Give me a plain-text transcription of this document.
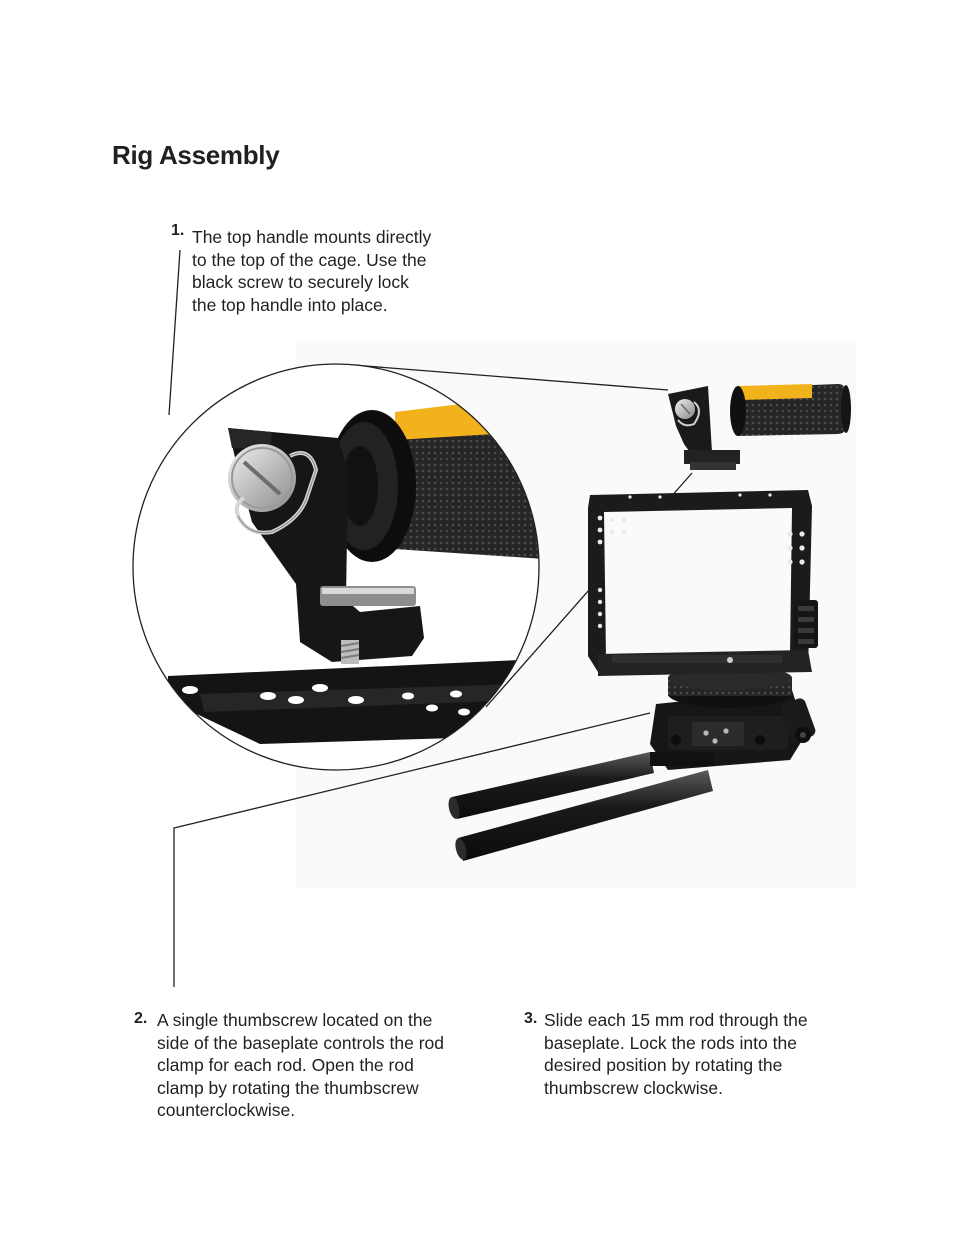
Rig Assembly
1. The top handle mounts directly
to the top of the cage. Use the
black screw to securely lock
the top handle into place.
2. A single thumbscrew located on the
side of the baseplate controls the rod
clamp for each rod. Open the rod
clamp by rotating the thumbscrew
counterclockwise.
3. Slide each 15 mm rod through the
baseplate. Lock the rods into the
desired position by rotating the
thumbscrew clockwise.
